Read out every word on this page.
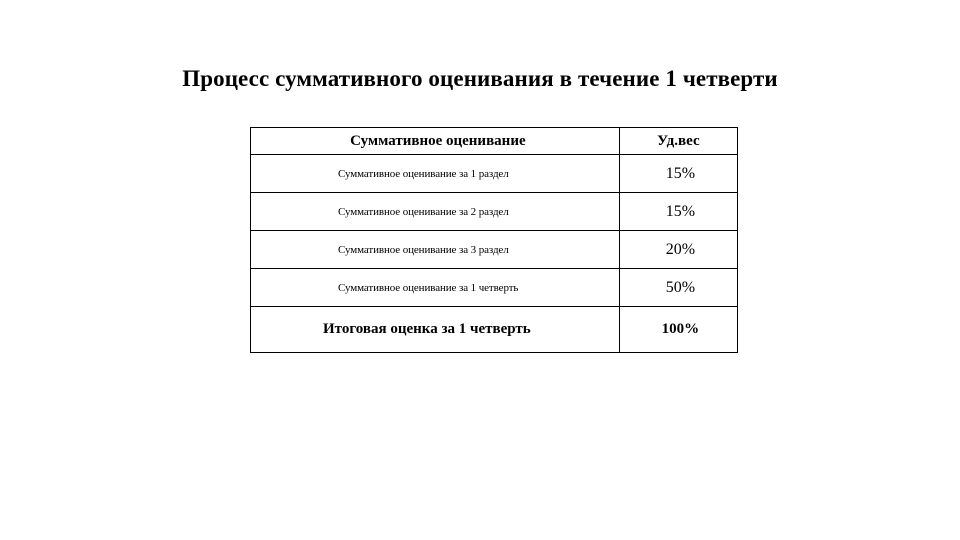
Процесс суммативного оценивания в течение 1 четверти
Суммативное оценивание	Уд.вес
Суммативное оценивание за 1 раздел	15%
Суммативное оценивание за 2 раздел	15%
Суммативное оценивание за 3 раздел	20%
Суммативное оценивание за 1 четверть	50%
Итоговая оценка за 1 четверть	100%
